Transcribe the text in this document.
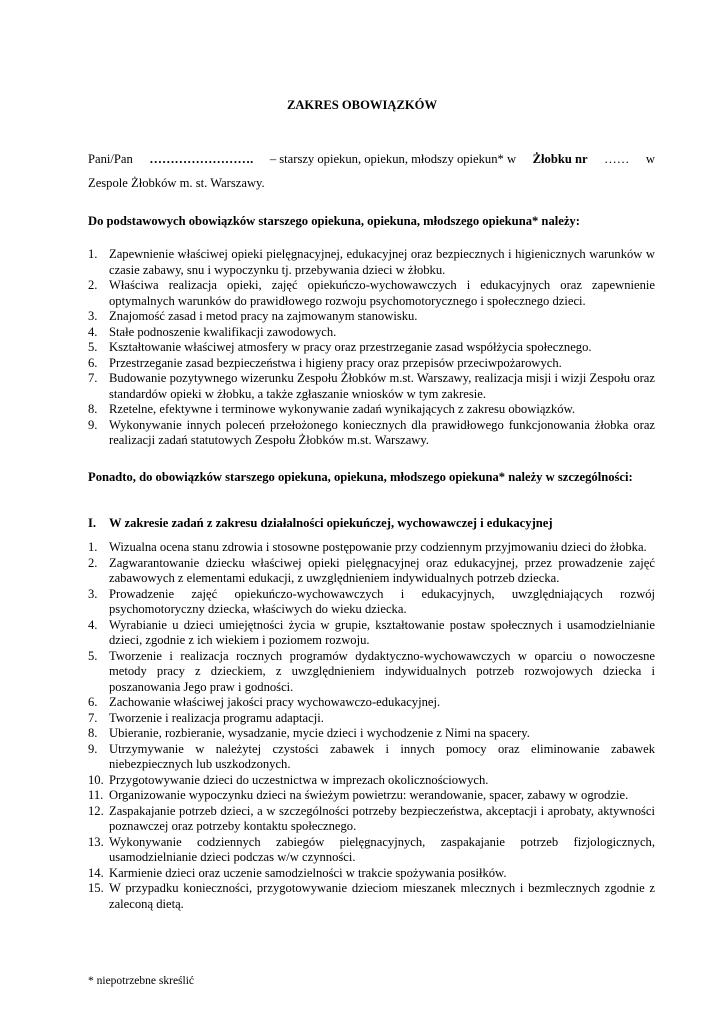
ZAKRES OBOWIĄZKÓW
Pani/Pan ……………………. – starszy opiekun, opiekun, młodszy opiekun* w Żłobku nr …… w
Zespole Żłobków m. st. Warszawy.
Do podstawowych obowiązków starszego opiekuna, opiekuna, młodszego opiekuna* należy:
1. Zapewnienie właściwej opieki pielęgnacyjnej, edukacyjnej oraz bezpiecznych i higienicznych warunków w czasie zabawy, snu i wypoczynku tj. przebywania dzieci w żłobku.
2. Właściwa realizacja opieki, zajęć opiekuńczo-wychowawczych i edukacyjnych oraz zapewnienie optymalnych warunków do prawidłowego rozwoju psychomotorycznego i społecznego dzieci.
3. Znajomość zasad i metod pracy na zajmowanym stanowisku.
4. Stałe podnoszenie kwalifikacji zawodowych.
5. Kształtowanie właściwej atmosfery w pracy oraz przestrzeganie zasad współżycia społecznego.
6. Przestrzeganie zasad bezpieczeństwa i higieny pracy oraz przepisów przeciwpożarowych.
7. Budowanie pozytywnego wizerunku Zespołu Żłobków m.st. Warszawy, realizacja misji i wizji Zespołu oraz standardów opieki w żłobku, a także zgłaszanie wniosków w tym zakresie.
8. Rzetelne, efektywne i terminowe wykonywanie zadań wynikających z zakresu obowiązków.
9. Wykonywanie innych poleceń przełożonego koniecznych dla prawidłowego funkcjonowania żłobka oraz realizacji zadań statutowych Zespołu Żłobków m.st. Warszawy.
Ponadto, do obowiązków starszego opiekuna, opiekuna, młodszego opiekuna* należy w szczególności:
I.	W zakresie zadań z zakresu działalności opiekuńczej, wychowawczej i edukacyjnej
1. Wizualna ocena stanu zdrowia i stosowne postępowanie przy codziennym przyjmowaniu dzieci do żłobka.
2. Zagwarantowanie dziecku właściwej opieki pielęgnacyjnej oraz edukacyjnej, przez prowadzenie zajęć zabawowych z elementami edukacji, z uwzględnieniem indywidualnych potrzeb dziecka.
3. Prowadzenie zajęć opiekuńczo-wychowawczych i edukacyjnych, uwzględniających rozwój psychomotoryczny dziecka, właściwych do wieku dziecka.
4. Wyrabianie u dzieci umiejętności życia w grupie, kształtowanie postaw społecznych i usamodzielnianie dzieci, zgodnie z ich wiekiem i poziomem rozwoju.
5. Tworzenie i realizacja rocznych programów dydaktyczno-wychowawczych w oparciu o nowoczesne metody pracy z dzieckiem, z uwzględnieniem indywidualnych potrzeb rozwojowych dziecka i poszanowania Jego praw i godności.
6. Zachowanie właściwej jakości pracy wychowawczo-edukacyjnej.
7. Tworzenie i realizacja programu adaptacji.
8. Ubieranie, rozbieranie, wysadzanie, mycie dzieci i wychodzenie z Nimi na spacery.
9. Utrzymywanie w należytej czystości zabawek i innych pomocy oraz eliminowanie zabawek niebezpiecznych lub uszkodzonych.
10. Przygotowywanie dzieci do uczestnictwa w imprezach okolicznościowych.
11. Organizowanie wypoczynku dzieci na świeżym powietrzu: werandowanie, spacer, zabawy w ogrodzie.
12. Zaspakajanie potrzeb dzieci, a w szczególności potrzeby bezpieczeństwa, akceptacji i aprobaty, aktywności poznawczej oraz potrzeby kontaktu społecznego.
13. Wykonywanie codziennych zabiegów pielęgnacyjnych, zaspakajanie potrzeb fizjologicznych, usamodzielnianie dzieci podczas w/w czynności.
14. Karmienie dzieci oraz uczenie samodzielności w trakcie spożywania posiłków.
15. W przypadku konieczności, przygotowywanie dzieciom mieszanek mlecznych i bezmlecznych zgodnie z zaleconą dietą.
* niepotrzebne skreślić
